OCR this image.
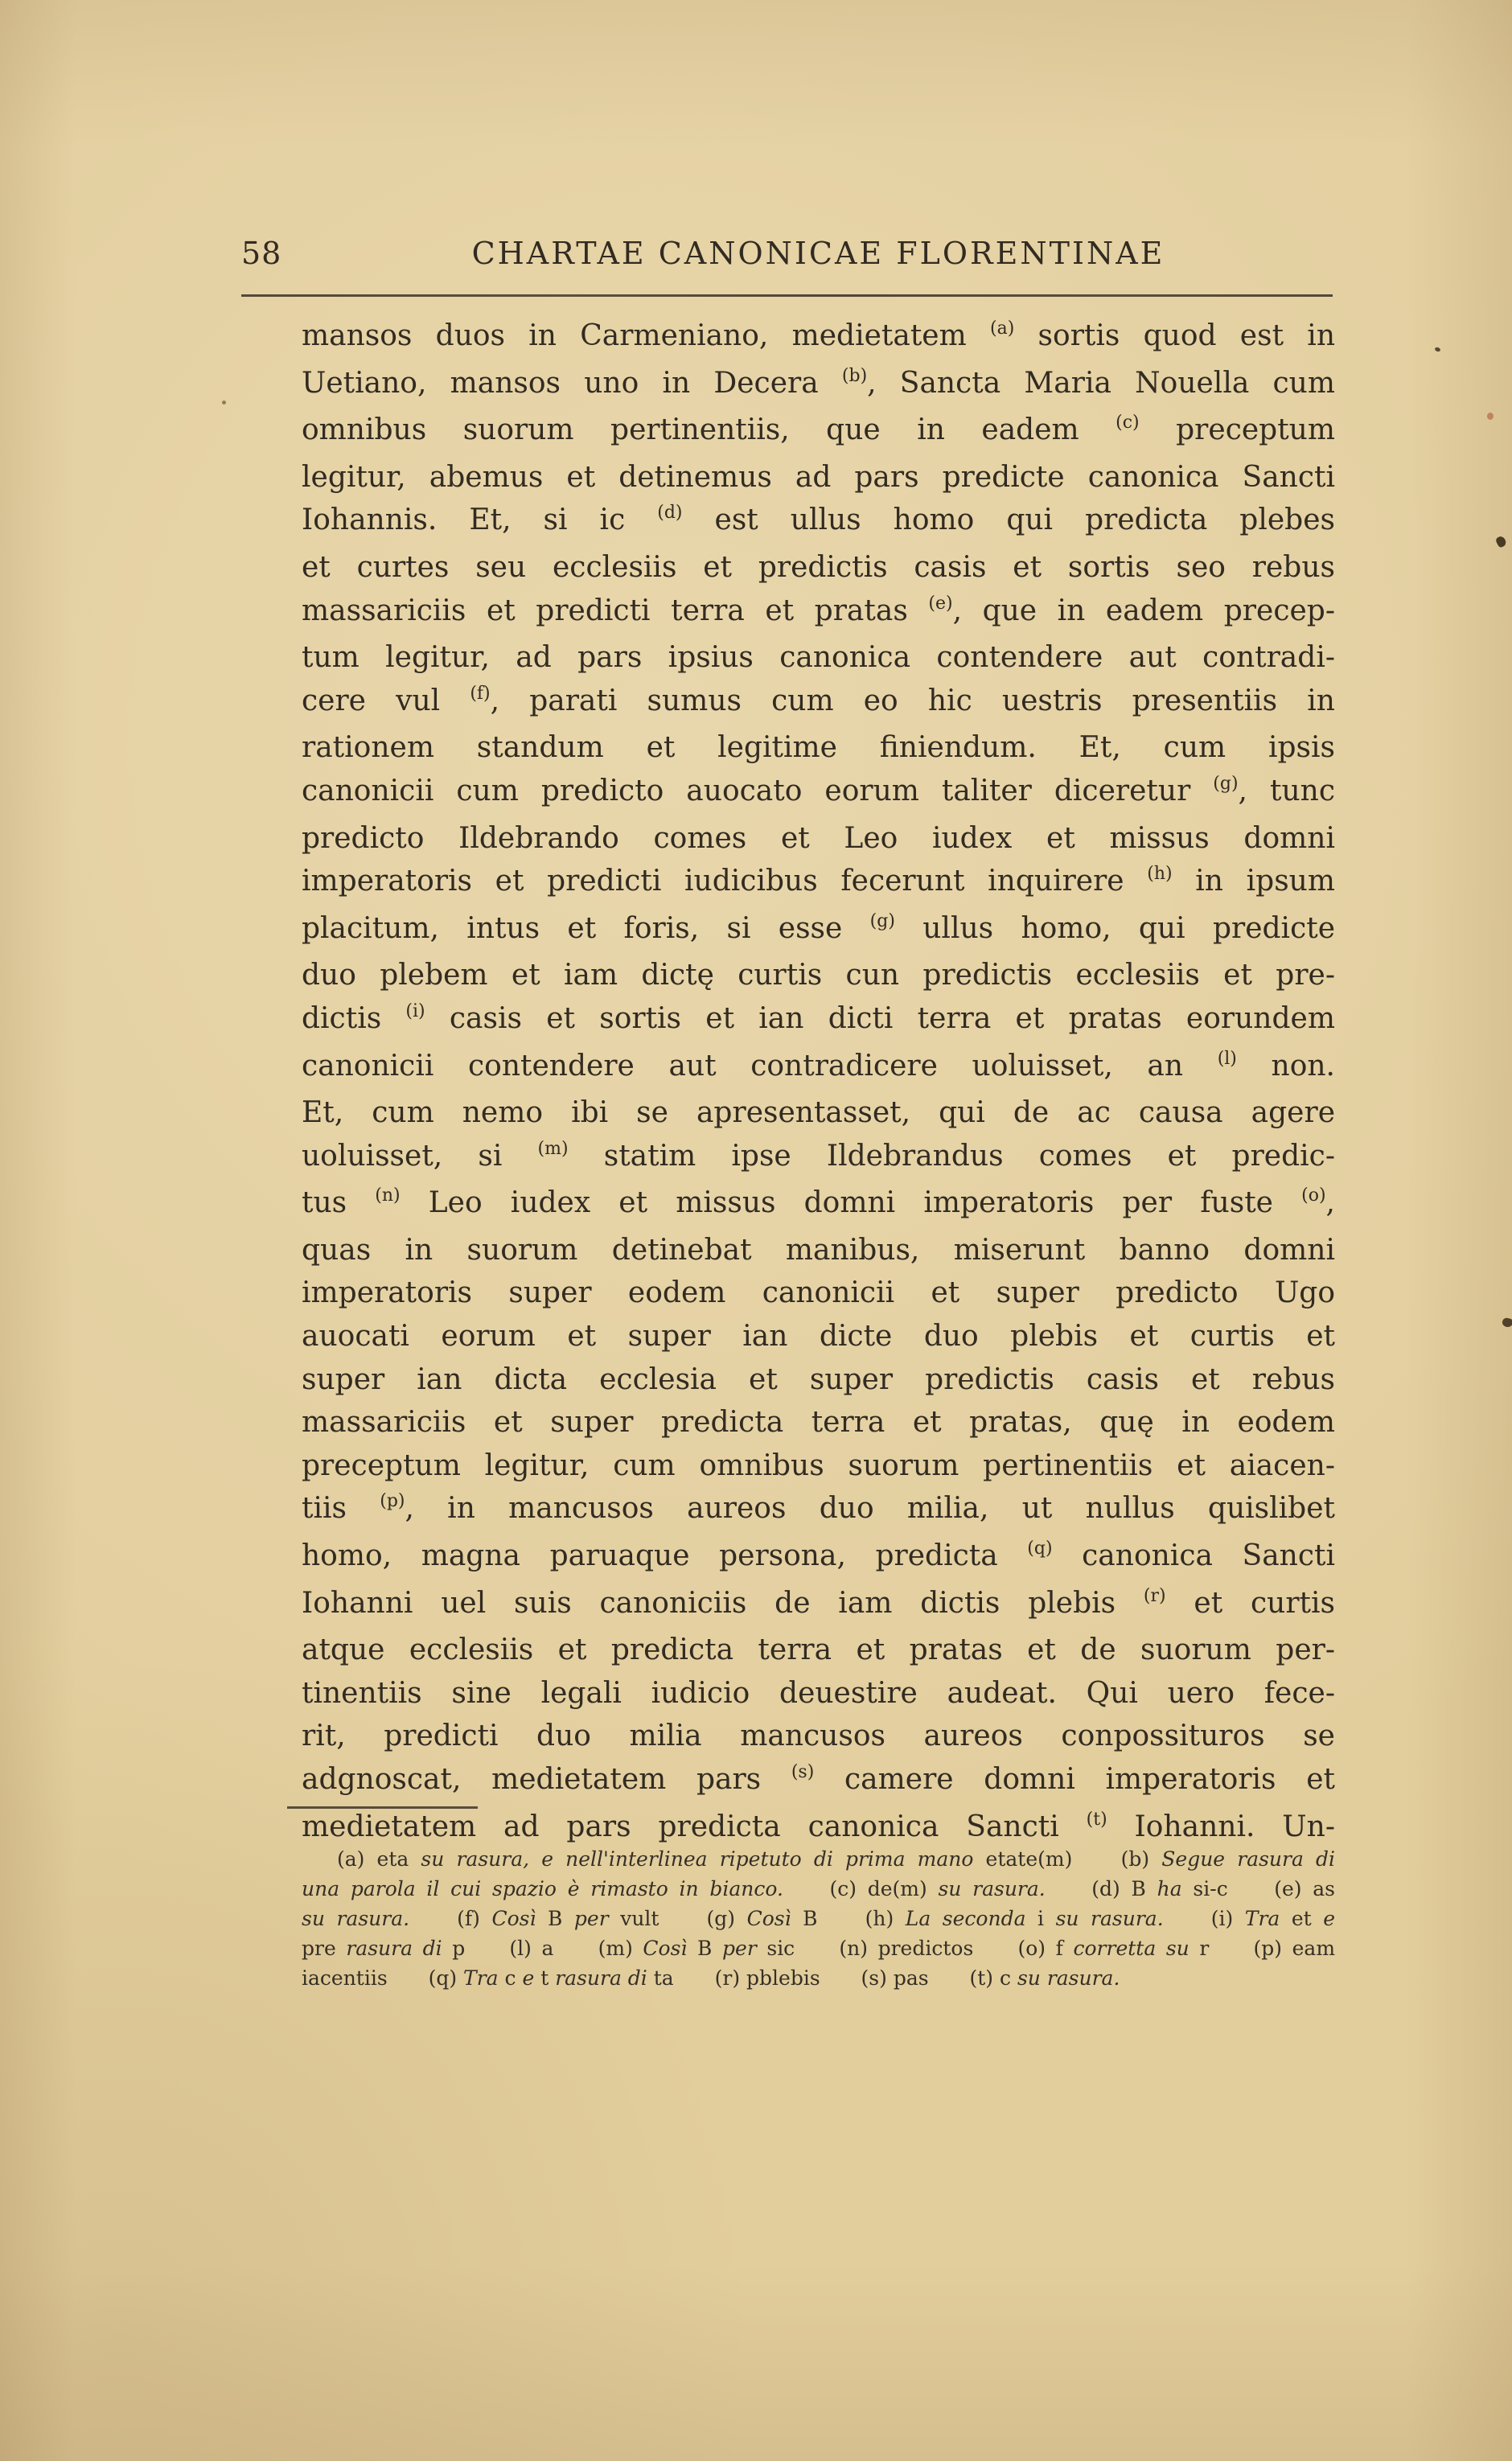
58	CHARTAE CANONICAE FLORENTINAE
mansos duos in Carmeniano, medietatem $^{(a)}$ sortis quod est in
Uetiano, mansos uno in Decera $^{(b)}$, Sancta Maria Nouella cum
omnibus suorum pertinentiis, que in eadem $^{(c)}$ preceptum
legitur, abemus et detinemus ad pars predicte canonica Sancti
Iohannis. Et, si ic $^{(d)}$ est ullus homo qui predicta plebes
et curtes seu ecclesiis et predictis casis et sortis seo rebus
massariciis et predicti terra et pratas $^{(e)}$, que in eadem precep-
tum legitur, ad pars ipsius canonica contendere aut contradi-
cere vul $^{(f)}$, parati sumus cum eo hic uestris presentiis in
rationem standum et legitime finiendum. Et, cum ipsis
canonicii cum predicto auocato eorum taliter diceretur $^{(g)}$, tunc
predicto Ildebrando comes et Leo iudex et missus domni
imperatoris et predicti iudicibus fecerunt inquirere $^{(h)}$ in ipsum
placitum, intus et foris, si esse $^{(g)}$ ullus homo, qui predicte
duo plebem et iam dictę curtis cun predictis ecclesiis et pre-
dictis $^{(i)}$ casis et sortis et ian dicti terra et pratas eorundem
canonicii contendere aut contradicere uoluisset, an $^{(l)}$ non.
Et, cum nemo ibi se apresentasset, qui de ac causa agere
uoluisset, si $^{(m)}$ statim ipse Ildebrandus comes et predic-
tus $^{(n)}$ Leo iudex et missus domni imperatoris per fuste $^{(o)}$,
quas in suorum detinebat manibus, miserunt banno domni
imperatoris super eodem canonicii et super predicto Ugo
auocati eorum et super ian dicte duo plebis et curtis et
super ian dicta ecclesia et super predictis casis et rebus
massariciis et super predicta terra et pratas, quę in eodem
preceptum legitur, cum omnibus suorum pertinentiis et aiacen-
tiis $^{(p)}$, in mancusos aureos duo milia, ut nullus quislibet
homo, magna paruaque persona, predicta $^{(q)}$ canonica Sancti
Iohanni uel suis canoniciis de iam dictis plebis $^{(r)}$ et curtis
atque ecclesiis et predicta terra et pratas et de suorum per-
tinentiis sine legali iudicio deuestire audeat. Qui uero fece-
rit, predicti duo milia mancusos aureos conpossituros se
adgnoscat, medietatem pars $^{(s)}$ camere domni imperatoris et
medietatem ad pars predicta canonica Sancti $^{(t)}$ Iohanni. Un-
(a) eta su rasura, e nell'interlinea ripetuto di prima mano etate(m)  (b) Segue rasura di
una parola il cui spazio è rimasto in bianco.  (c) de(m) su rasura.  (d) B ha si-c  (e) as
su rasura.  (f) Così B per vult  (g) Così B  (h) La seconda i su rasura.  (i) Tra et e
pre rasura di p  (l) a  (m) Così B per sic  (n) predictos  (o) f corretta su r  (p) eam
iacentiis  (q) Tra c e t rasura di ta  (r) pblebis  (s) pas  (t) c su rasura.
